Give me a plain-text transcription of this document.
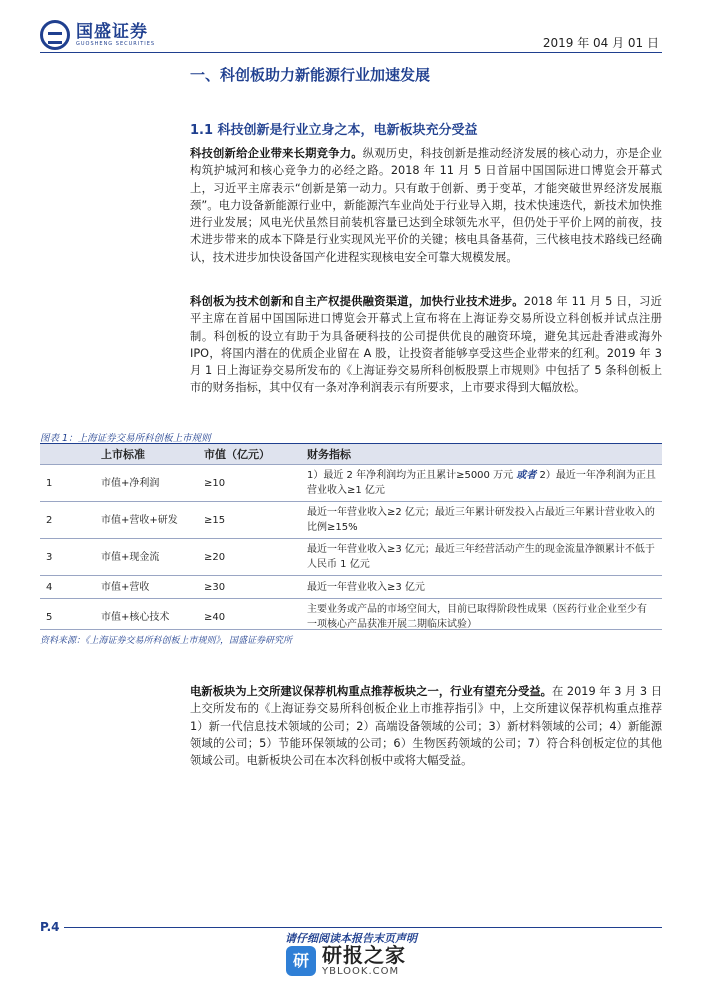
国盛证券
GUOSHENG SECURITIES	2019 年 04 月 01 日
一、科创板助力新能源行业加速发展
1.1 科技创新是行业立身之本，电新板块充分受益

科技创新给企业带来长期竞争力。纵观历史，科技创新是推动经济发展的核心动力，亦是企业构筑护城河和核心竞争力的必经之路。2018 年 11 月 5 日首届中国国际进口博览会开幕式上，习近平主席表示“创新是第一动力。只有敢于创新、勇于变革，才能突破世界经济发展瓶颈”。电力设备新能源行业中，新能源汽车业尚处于行业导入期，技术快速迭代，新技术加快推进行业发展；风电光伏虽然目前装机容量已达到全球领先水平，但仍处于平价上网的前夜，技术进步带来的成本下降是行业实现风光平价的关键；核电具备基荷，三代核电技术路线已经确认，技术进步加快设备国产化进程实现核电安全可靠大规模发展。

科创板为技术创新和自主产权提供融资渠道，加快行业技术进步。2018 年 11 月 5 日，习近平主席在首届中国国际进口博览会开幕式上宣布将在上海证券交易所设立科创板并试点注册制。科创板的设立有助于为具备硬科技的公司提供优良的融资环境，避免其远赴香港或海外 IPO，将国内潜在的优质企业留在 A 股，让投资者能够享受这些企业带来的红利。2019 年 3 月 1 日上海证券交易所发布的《上海证券交易所科创板股票上市规则》中包括了 5 条科创板上市的财务指标，其中仅有一条对净利润表示有所要求，上市要求得到大幅放松。

图表 1：上海证券交易所科创板上市规则
	上市标准	市值（亿元）	财务指标
1	市值+净利润	≥10	1）最近 2 年净利润均为正且累计≥5000 万元 或者 2）最近一年净利润为正且营业收入≥1 亿元
2	市值+营收+研发	≥15	最近一年营业收入≥2 亿元；最近三年累计研发投入占最近三年累计营业收入的比例≥15%
3	市值+现金流	≥20	最近一年营业收入≥3 亿元；最近三年经营活动产生的现金流量净额累计不低于人民币 1 亿元
4	市值+营收	≥30	最近一年营业收入≥3 亿元
5	市值+核心技术	≥40	主要业务或产品的市场空间大，目前已取得阶段性成果（医药行业企业至少有一项核心产品获准开展二期临床试验）
资料来源：《上海证券交易所科创板上市规则》，国盛证券研究所

电新板块为上交所建议保荐机构重点推荐板块之一，行业有望充分受益。在 2019 年 3 月 3 日上交所发布的《上海证券交易所科创板企业上市推荐指引》中，上交所建议保荐机构重点推荐 1）新一代信息技术领域的公司；2）高端设备领域的公司；3）新材料领域的公司；4）新能源领域的公司；5）节能环保领域的公司；6）生物医药领域的公司；7）符合科创板定位的其他领域公司。电新板块公司在本次科创板中或将大幅受益。

P.4
请仔细阅读本报告末页声明
研 研报之家
YBLOOK.COM
